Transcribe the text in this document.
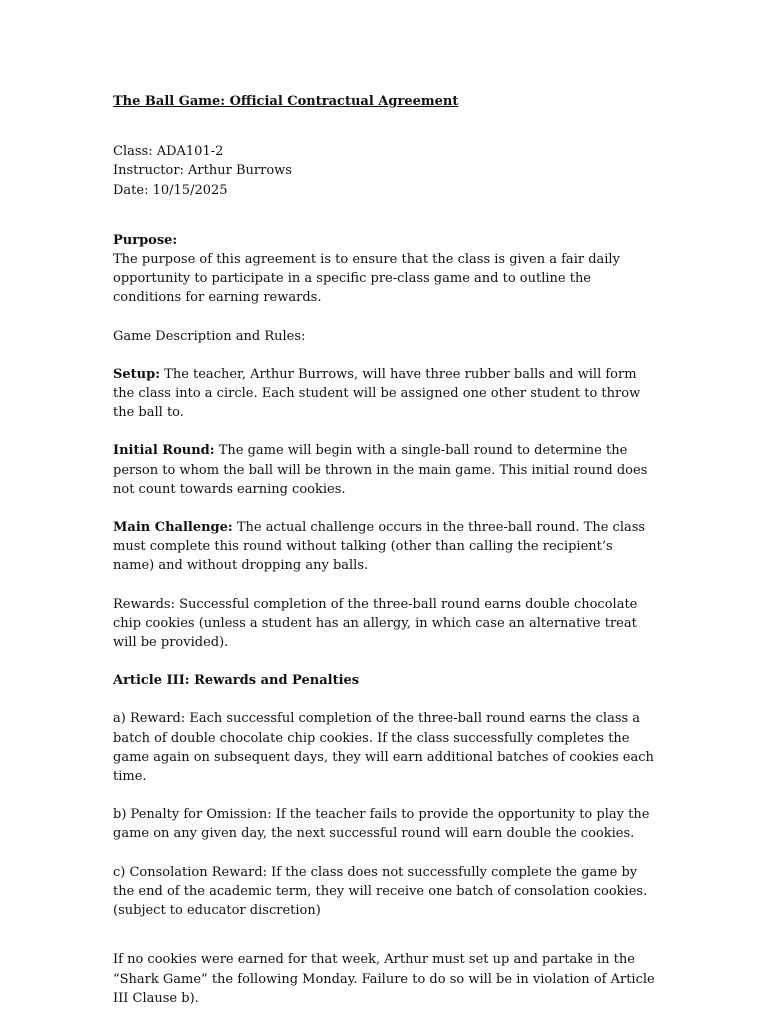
The Ball Game: Official Contractual Agreement

Class: ADA101-2
Instructor: Arthur Burrows
Date: 10/15/2025
Purpose:

The purpose of this agreement is to ensure that the class is given a fair daily opportunity to participate in a specific pre-class game and to outline the conditions for earning rewards.

Game Description and Rules:

Setup: The teacher, Arthur Burrows, will have three rubber balls and will form the class into a circle. Each student will be assigned one other student to throw the ball to.

Initial Round: The game will begin with a single-ball round to determine the person to whom the ball will be thrown in the main game. This initial round does not count towards earning cookies.

Main Challenge: The actual challenge occurs in the three-ball round. The class must complete this round without talking (other than calling the recipient’s name) and without dropping any balls.

Rewards: Successful completion of the three-ball round earns double chocolate chip cookies (unless a student has an allergy, in which case an alternative treat will be provided).

Article III: Rewards and Penalties

a) Reward: Each successful completion of the three-ball round earns the class a batch of double chocolate chip cookies. If the class successfully completes the game again on subsequent days, they will earn additional batches of cookies each time.

b) Penalty for Omission: If the teacher fails to provide the opportunity to play the game on any given day, the next successful round will earn double the cookies.

c) Consolation Reward: If the class does not successfully complete the game by the end of the academic term, they will receive one batch of consolation cookies. (subject to educator discretion)

If no cookies were earned for that week, Arthur must set up and partake in the “Shark Game” the following Monday. Failure to do so will be in violation of Article III Clause b).
